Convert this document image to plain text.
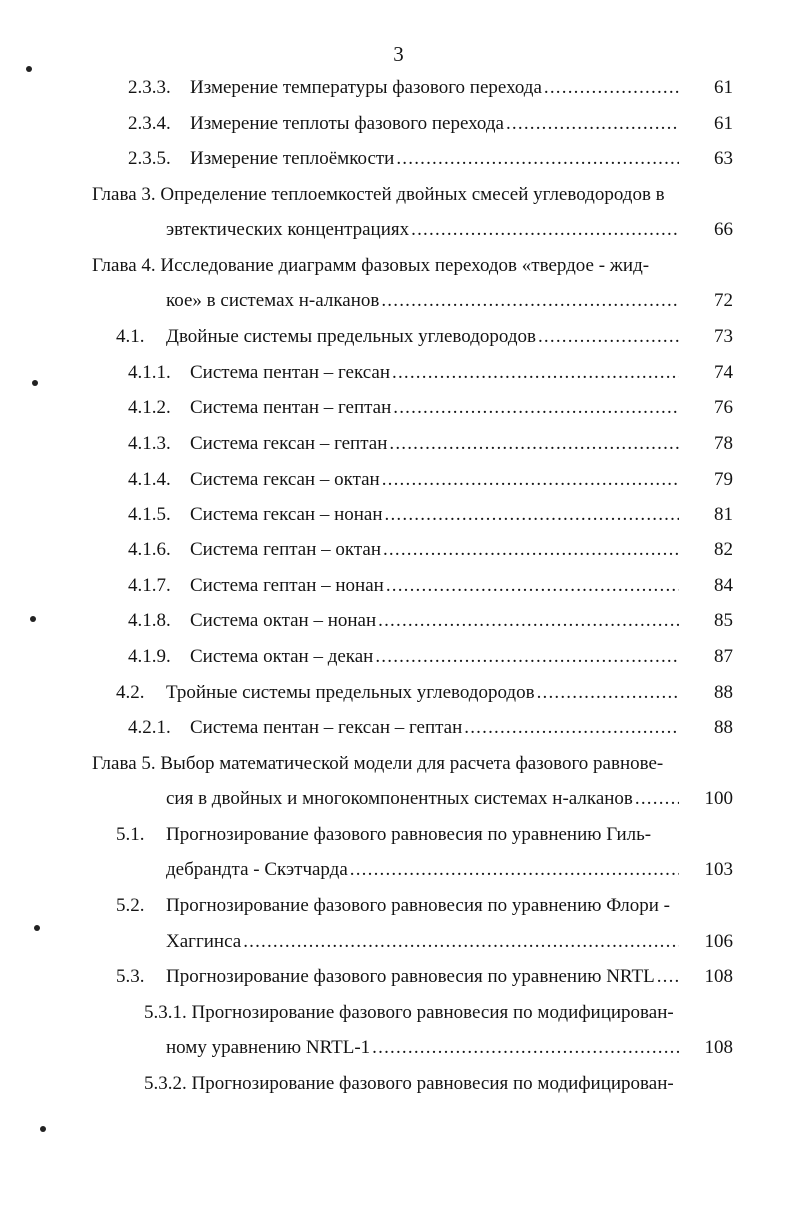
3
2.3.3.	Измерение температуры фазового перехода .....	61
2.3.4.	Измерение теплоты фазового перехода .....	61
2.3.5.	Измерение теплоёмкости .....	63
Глава 3. Определение теплоемкостей двойных смесей углеводородов в
эвтектических концентрациях .....	66
Глава 4. Исследование диаграмм фазовых переходов «твердое - жид-
кое» в системах н-алканов .....	72
4.1.	Двойные системы предельных углеводородов .....	73
4.1.1.	Система пентан – гексан .....	74
4.1.2.	Система пентан – гептан .....	76
4.1.3.	Система гексан – гептан .....	78
4.1.4.	Система гексан – октан .....	79
4.1.5.	Система гексан – нонан .....	81
4.1.6.	Система гептан – октан .....	82
4.1.7.	Система гептан – нонан .....	84
4.1.8.	Система октан – нонан .....	85
4.1.9.	Система октан – декан .....	87
4.2.	Тройные системы предельных углеводородов .....	88
4.2.1.	Система пентан – гексан – гептан .....	88
Глава 5. Выбор математической модели для расчета фазового равнове-
сия в двойных и многокомпонентных системах н-алканов .....	100
5.1.	Прогнозирование фазового равновесия по уравнению Гиль-
дебрандта - Скэтчарда .....	103
5.2.	Прогнозирование фазового равновесия по уравнению Флори -
Хаггинса .....	106
5.3.	Прогнозирование фазового равновесия по уравнению NRTL .....	108
5.3.1. Прогнозирование фазового равновесия по модифицирован-
ному уравнению NRTL-1 .....	108
5.3.2. Прогнозирование фазового равновесия по модифицирован-
